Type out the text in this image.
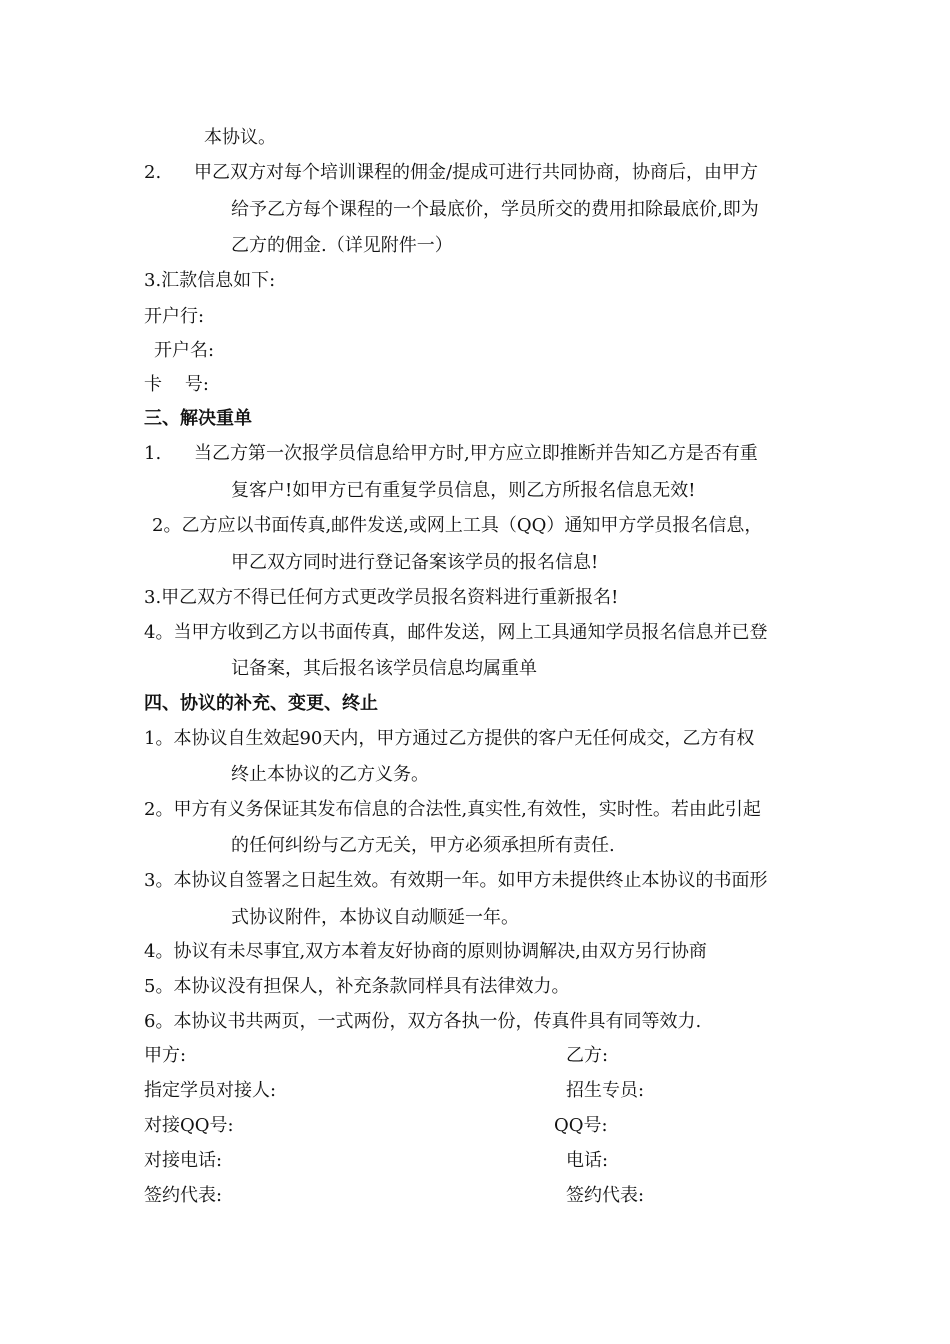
本协议。
2. 甲乙双方对每个培训课程的佣金/提成可进行共同协商，协商后，由甲方
给予乙方每个课程的一个最底价，学员所交的费用扣除最底价,即为
乙方的佣金.（详见附件一）
3.汇款信息如下:
开户行:
开户名:
卡    号:
三、解决重单
1. 当乙方第一次报学员信息给甲方时,甲方应立即推断并告知乙方是否有重
复客户!如甲方已有重复学员信息，则乙方所报名信息无效!
2。乙方应以书面传真,邮件发送,或网上工具（QQ）通知甲方学员报名信息，
甲乙双方同时进行登记备案该学员的报名信息!
3.甲乙双方不得已任何方式更改学员报名资料进行重新报名!
4。当甲方收到乙方以书面传真，邮件发送，网上工具通知学员报名信息并已登
记备案，其后报名该学员信息均属重单
四、协议的补充、变更、终止
1。本协议自生效起90天内，甲方通过乙方提供的客户无任何成交，乙方有权
终止本协议的乙方义务。
2。甲方有义务保证其发布信息的合法性,真实性,有效性，实时性。若由此引起
的任何纠纷与乙方无关，甲方必须承担所有责任.
3。本协议自签署之日起生效。有效期一年。如甲方未提供终止本协议的书面形
式协议附件，本协议自动顺延一年。
4。协议有未尽事宜,双方本着友好协商的原则协调解决,由双方另行协商
5。本协议没有担保人，补充条款同样具有法律效力。
6。本协议书共两页，一式两份，双方各执一份，传真件具有同等效力.
甲方:	乙方:
指定学员对接人:	招生专员:
对接QQ号:	QQ号:
对接电话:	电话:
签约代表:	签约代表:
